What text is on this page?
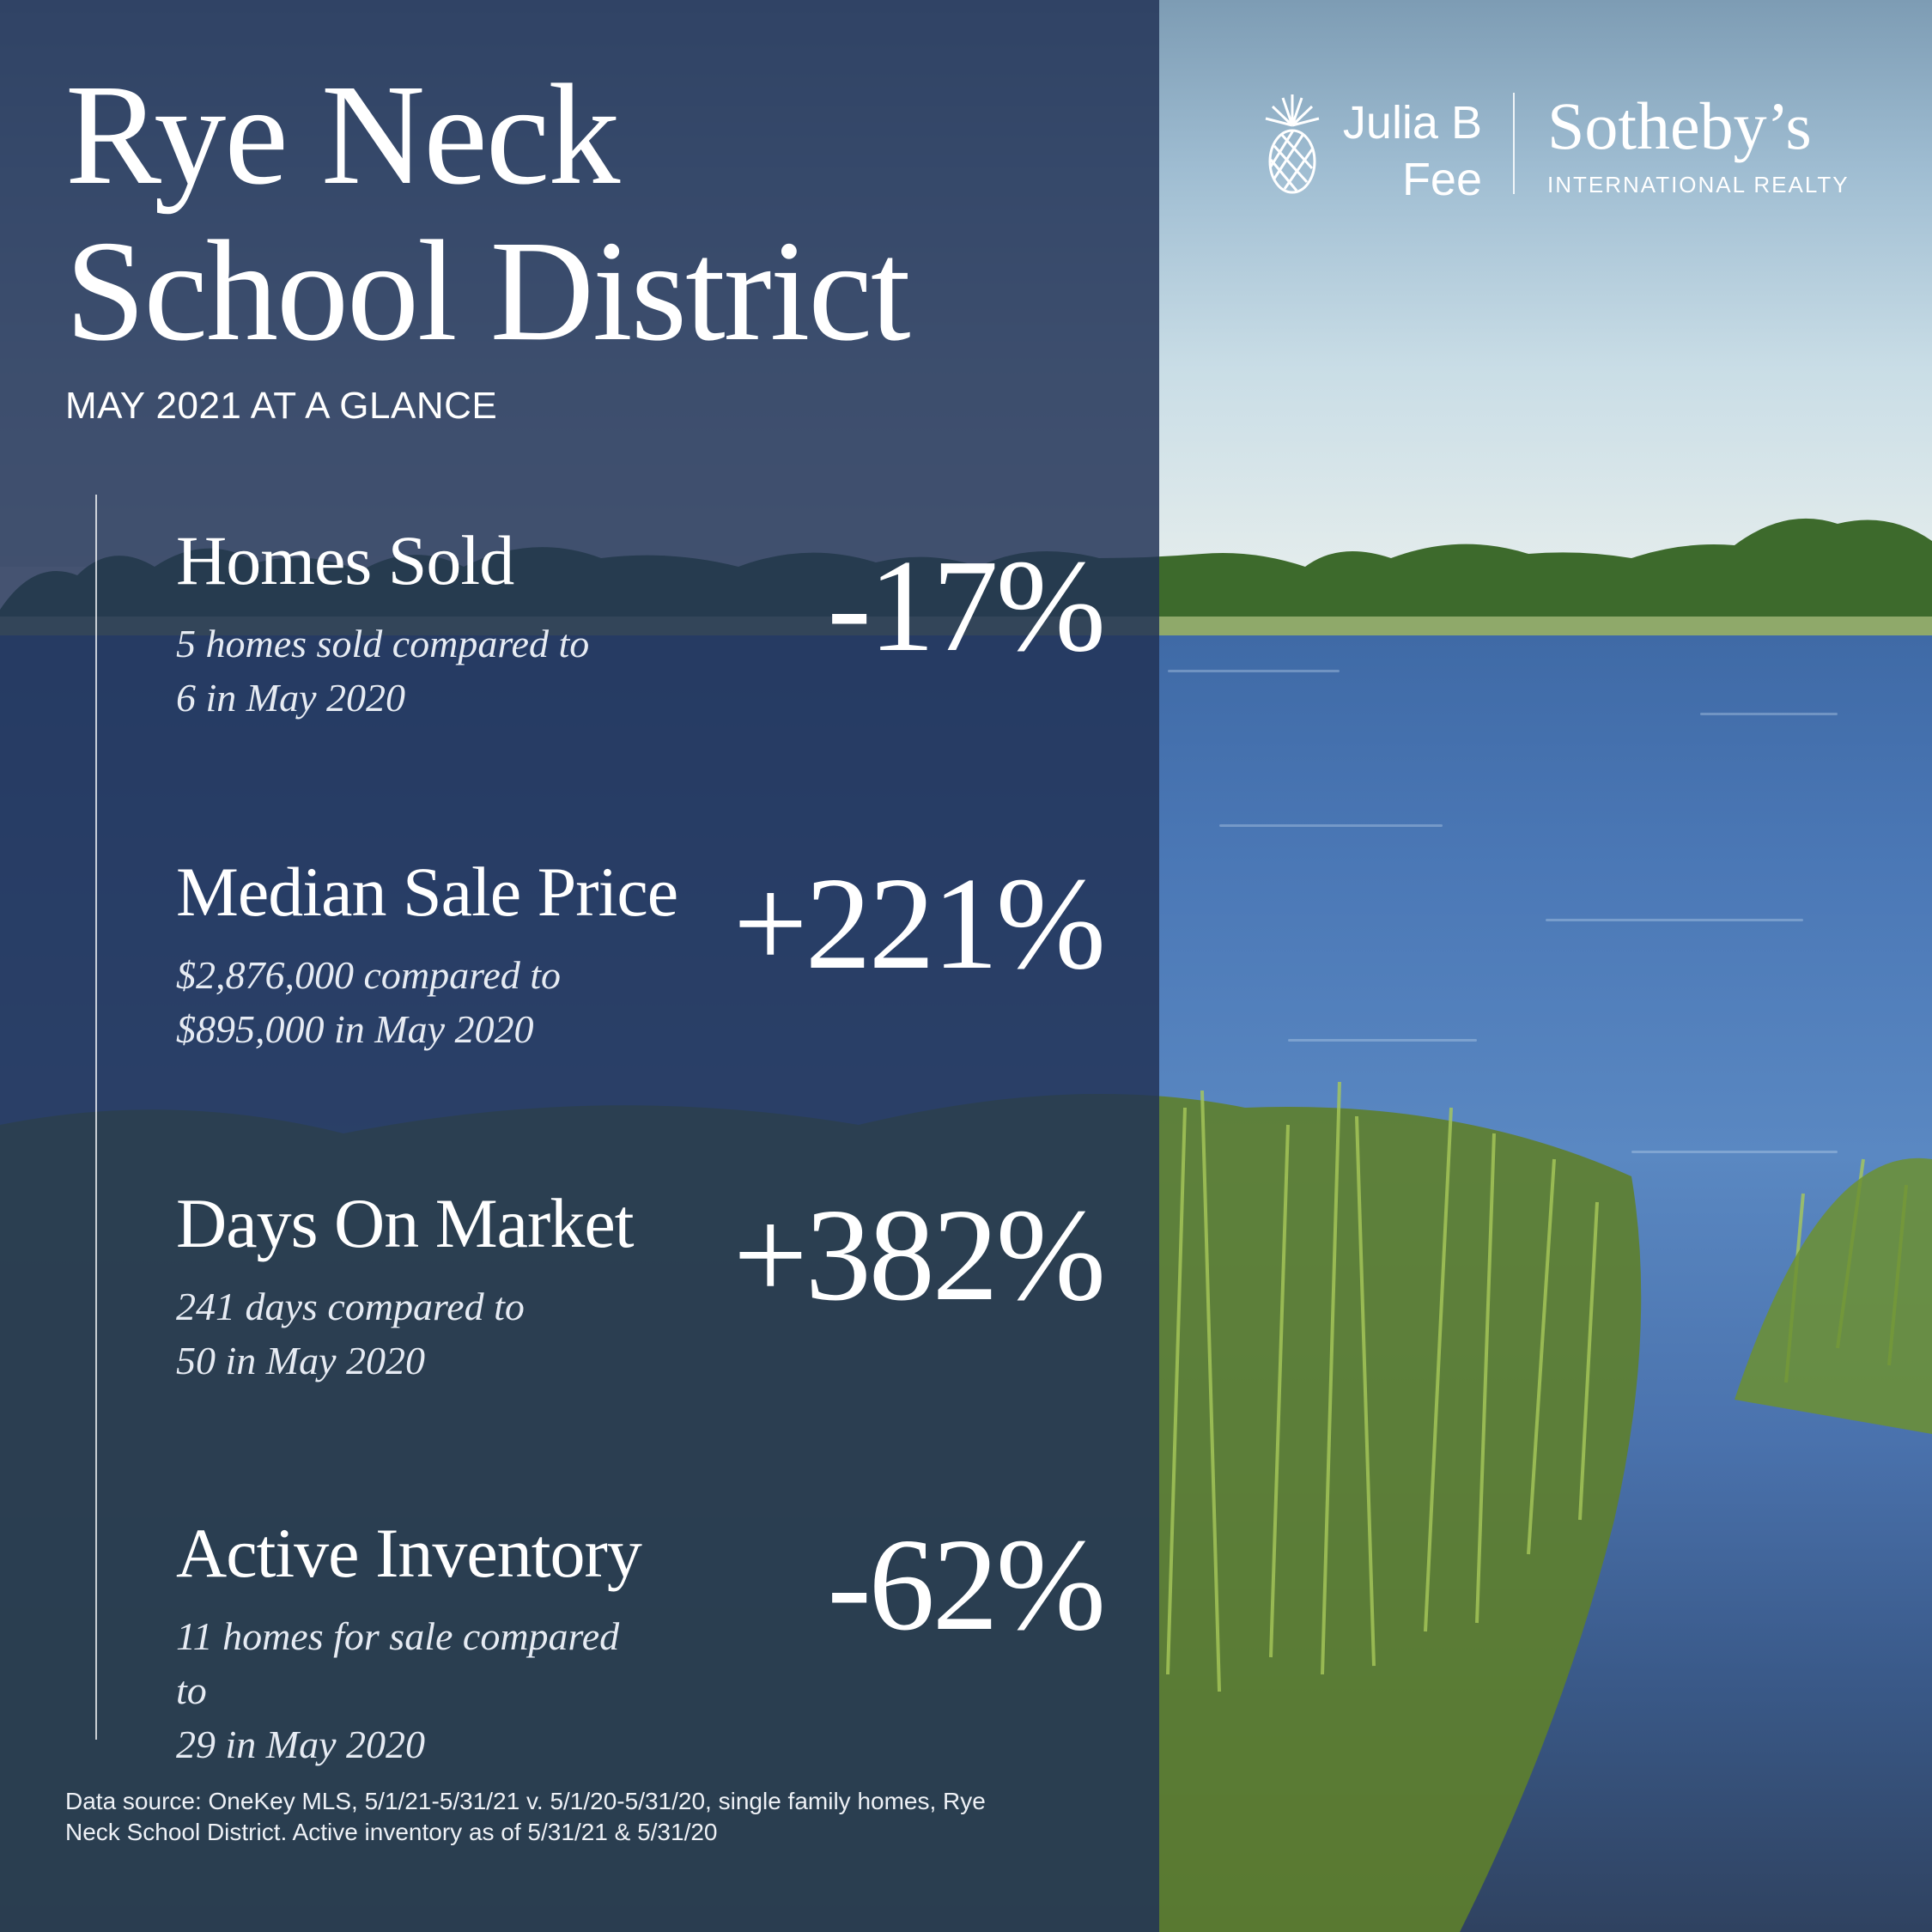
Rye Neck
School District
MAY 2021 AT A GLANCE
Homes Sold
5 homes sold compared to
6 in May 2020
-17%
Median Sale Price
$2,876,000 compared to
$895,000 in May 2020
+221%
Days On Market
241 days compared to
50 in May 2020
+382%
Active Inventory
11 homes for sale compared to
29 in May 2020
-62%
Data source: OneKey MLS, 5/1/21-5/31/21 v. 5/1/20-5/31/20, single family homes, Rye
Neck School District. Active inventory as of 5/31/21 & 5/31/20
Julia B
Fee
Sotheby’s
INTERNATIONAL REALTY
